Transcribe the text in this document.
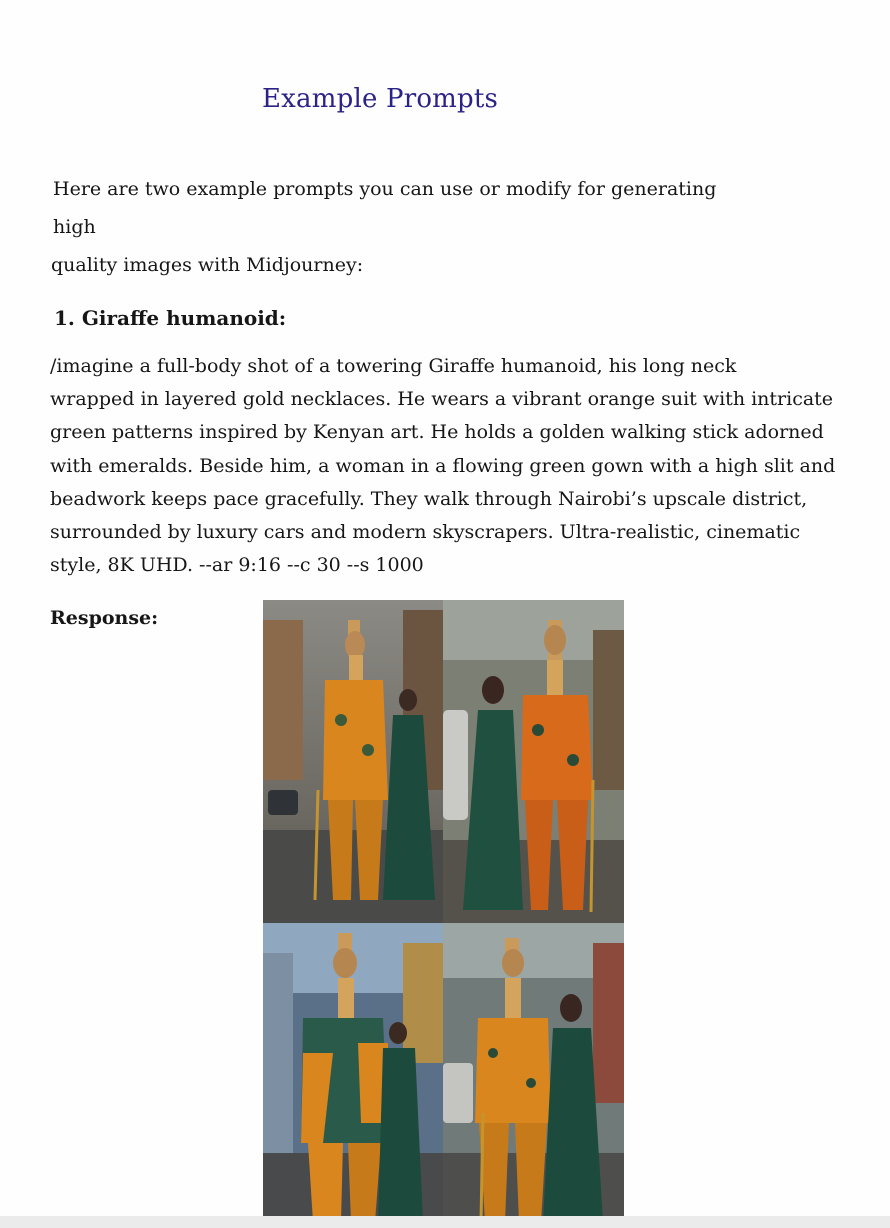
Example Prompts
Here are two example prompts you can use or modify for generating high
quality images with Midjourney:
1. Giraffe humanoid:
/imagine a full-body shot of a towering Giraffe humanoid, his long neck
wrapped in layered gold necklaces. He wears a vibrant orange suit with intricate
green patterns inspired by Kenyan art. He holds a golden walking stick adorned
with emeralds. Beside him, a woman in a flowing green gown with a high slit and
beadwork keeps pace gracefully. They walk through Nairobi’s upscale district,
surrounded by luxury cars and modern skyscrapers. Ultra-realistic, cinematic
style, 8K UHD. --ar 9:16 --c 30 --s 1000
Response:
